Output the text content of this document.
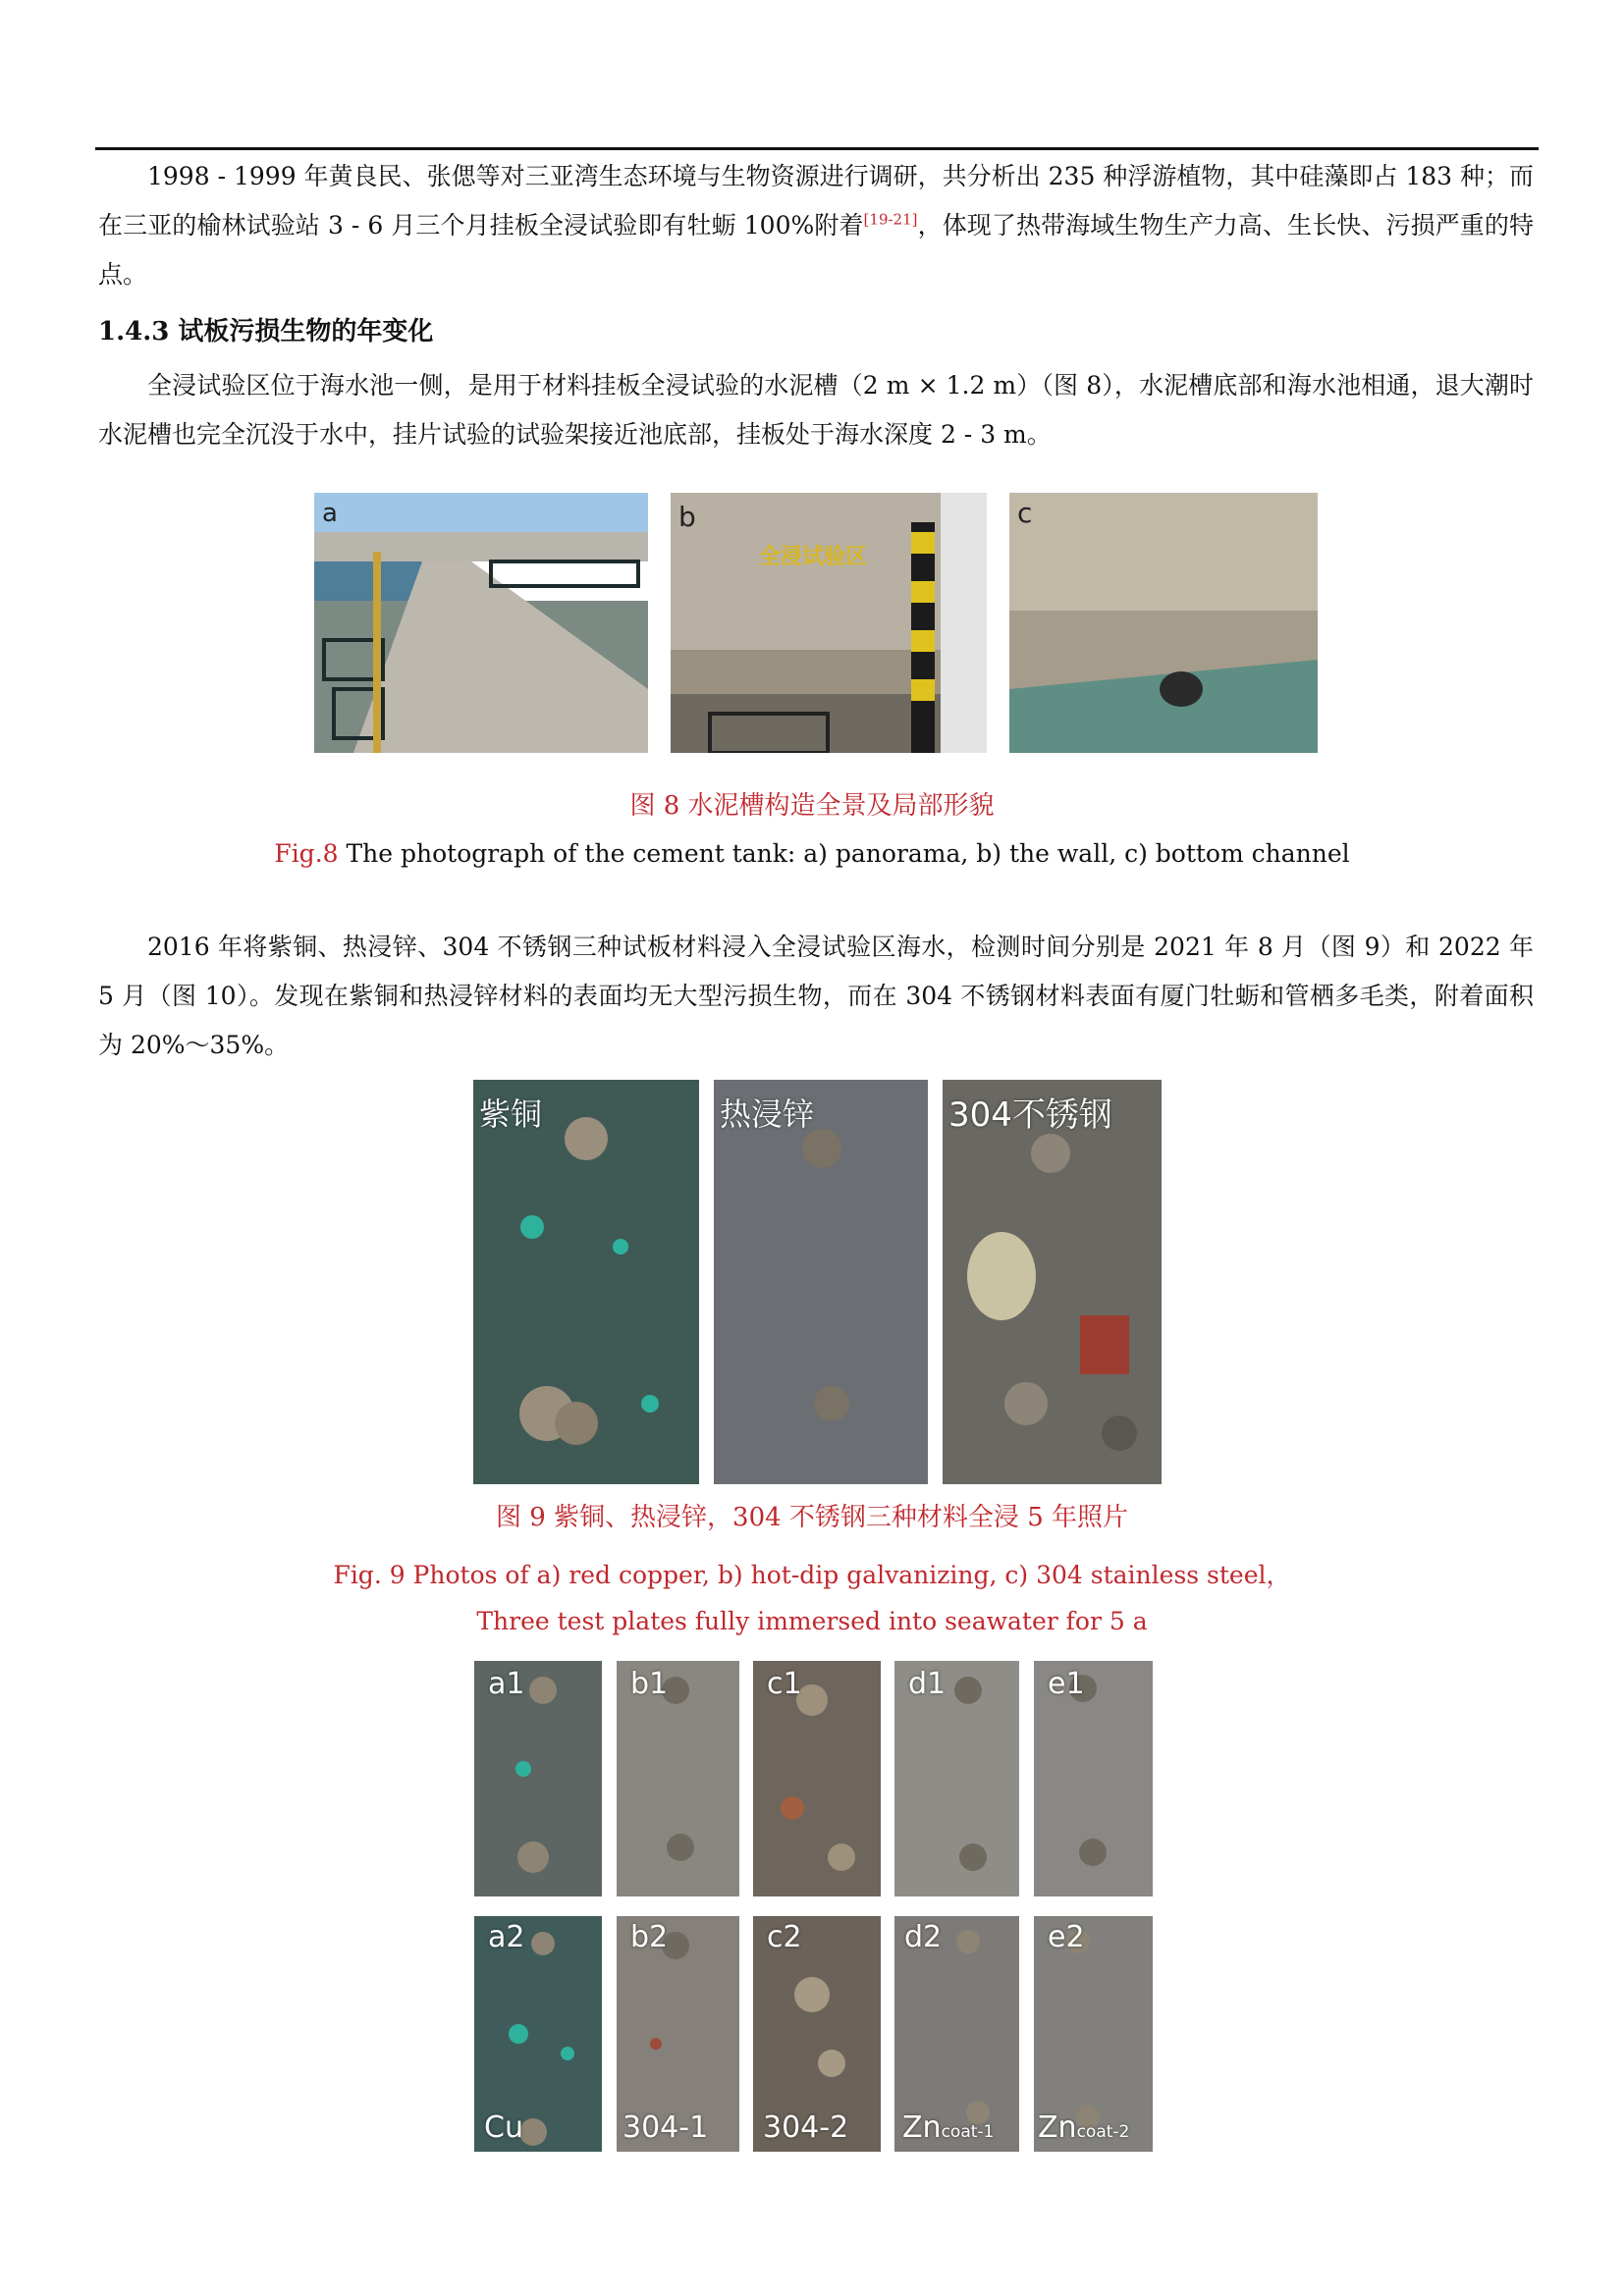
1998 - 1999 年黄良民、张偲等对三亚湾生态环境与生物资源进行调研，共分析出 235 种浮游植物，其中硅藻即占 183 种；而在三亚的榆林试验站 3 - 6 月三个月挂板全浸试验即有牡蛎 100%附着[19-21]，体现了热带海域生物生产力高、生长快、污损严重的特点。

1.4.3 试板污损生物的年变化

全浸试验区位于海水池一侧，是用于材料挂板全浸试验的水泥槽（2 m × 1.2 m）（图 8），水泥槽底部和海水池相通，退大潮时水泥槽也完全沉没于水中，挂片试验的试验架接近池底部，挂板处于海水深度 2 - 3 m。

a	b
全浸试验区
c
图 8 水泥槽构造全景及局部形貌
Fig.8 The photograph of the cement tank: a) panorama, b) the wall, c) bottom channel

2016 年将紫铜、热浸锌、304 不锈钢三种试板材料浸入全浸试验区海水，检测时间分别是 2021 年 8 月（图 9）和 2022 年 5 月（图 10）。发现在紫铜和热浸锌材料的表面均无大型污损生物，而在 304 不锈钢材料表面有厦门牡蛎和管栖多毛类，附着面积为 20%～35%。

紫铜	热浸锌	304不锈钢
图 9 紫铜、热浸锌，304 不锈钢三种材料全浸 5 年照片
Fig. 9 Photos of a) red copper, b) hot-dip galvanizing, c) 304 stainless steel，
Three test plates fully immersed into seawater for 5 a
a1	b1	c1	d1	e1
a2
Cu
b2
304-1
c2
304-2
d2
Zncoat-1
e2
Zncoat-2
